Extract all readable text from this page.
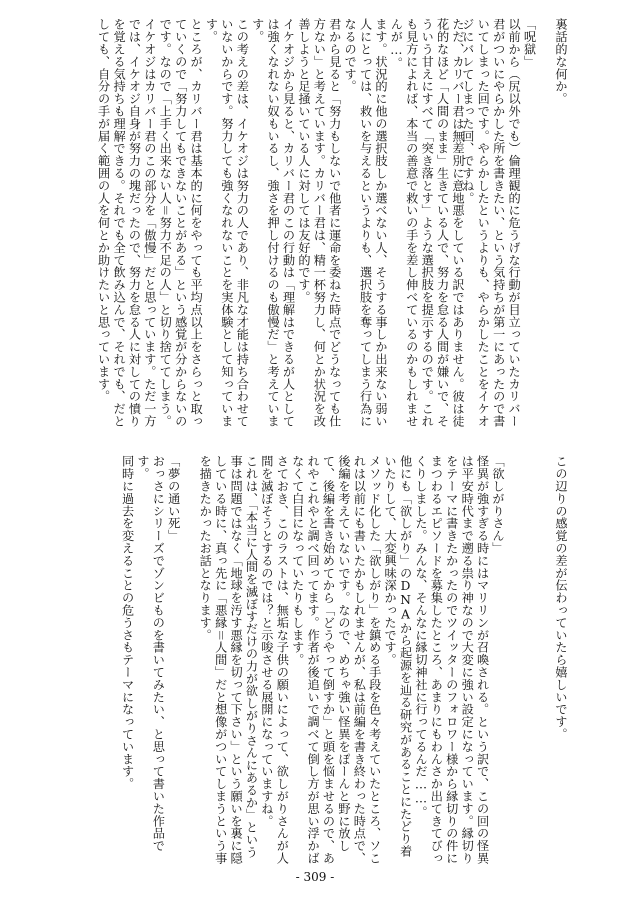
裏話的な何か。

「呪獄」

以前から（尻以外でも）倫理観的に危うげな行動が目立っていたカリバー君がついにやらかした所を書きたい、という気持ちが第一にあったので書いてしまった回です。やらかしたというよりも、やらかしたことをイケオジにバレてしまった回、ですね。

ただ、カリバー君は無差別に意地悪をしている訳ではありません。彼は徒花的なほど「人間のまま」生きている人で、努力を怠る人間が嫌いで、そういう甘えにすべて「突き落とす」ような選択肢を提示するのです。これも見方によれば、本当の善意で救いの手を差し伸べているのかもしれませんが…。

ます。状況的に他の選択肢しか選べない人、そうする事しか出来ない弱い人にとっては、救いを与えるというよりも、選択肢を奪ってしまう行為になるのです。

君から見ると「努力もしないで他者に運命を委ねた時点でどうなっても仕方ない」と考えています。カリバー君は、精一杯努力し、何とか状況を改善しようと足掻いている人に対しては友好的です。

イケオジから見ると、カリバー君のこの行動は「理解はできるが人としては強くなれない奴もいるし、強さを押し付けるのも傲慢だ」と考えています。

この考えの差は、イケオジは努力の人であり、非凡な才能は持ち合わせていないからです。努力しても強くなれないことを実体験として知っています。

ところが、カリバー君は基本的に何をやっても平均点以上をさらっと取っていくので「努力してもできないことがある」という感覚が分からないのです。なので「上手く出来ない人＝努力不足の人」と切り捨ててしまう。

イケオジはカリバー君のこの部分を「傲慢」だと思っています。ただ一方では、イケオジ自身が努力の塊だったので、努力を怠る人に対しての憤りを覚える気持ちも理解できる。それでも全て飲み込んで、それでも、だとしても、自分の手が届く範囲の人を何とか助けたいと思っています。

この辺りの感覚の差が伝わっていたら嬉しいです。

「欲しがりさん」

怪異が強すぎる時にはマリリンが召喚される。という訳で、この回の怪異は平安時代まで遡る祟り神なので大変に強い設定になっています。縁切りをテーマに書きたかったのでツイッターのフォロワー様から縁切りの件にまつわるエピソードを募集したところ、あまりにもわんさか出てきてびっくりしました。みんな、そんなに縁切神社に行ってるんだ……。

他にも「欲しがり」のDNAから起源を辿る研究があることにたどり着いたりして、大変興味深かったです。

メソッド化した「欲しがり」を鎮める手段を色々考えていたところ、ソこれは以前にも書いたかもしれませんが、私は前編を書き終わった時点で、後編を考えていないです。なので、めちゃ強い怪異をぽーんと野に放して、後編を書き始めてから「どうやって倒すか」と頭を悩ませるので、あれやこれやと調べ回ってます。作者が後追いで調べて倒し方が思い浮かばなくて白目になっていたりもします。

さておき、このラストは、無垢な子供の願いによって、欲しがりさんが人間を滅ぼそうとするのでは？と示唆させる展開になっていますね。

これは、「本当に人間を滅ぼすだけの力が欲しがりさんにあるか」という事は問題ではなく「地球を汚す悪縁を切って下さい」という願いを裏に隠している時に、真っ先に「悪縁＝人間」だと想像がついてしまうという事を描きたかったお話となります。

「夢の通い死」

おっさにシリーズでゾンビものを書いてみたい、と思って書いた作品です。

同時に過去を変えることの危うさもテーマになっています。

- 309 -
